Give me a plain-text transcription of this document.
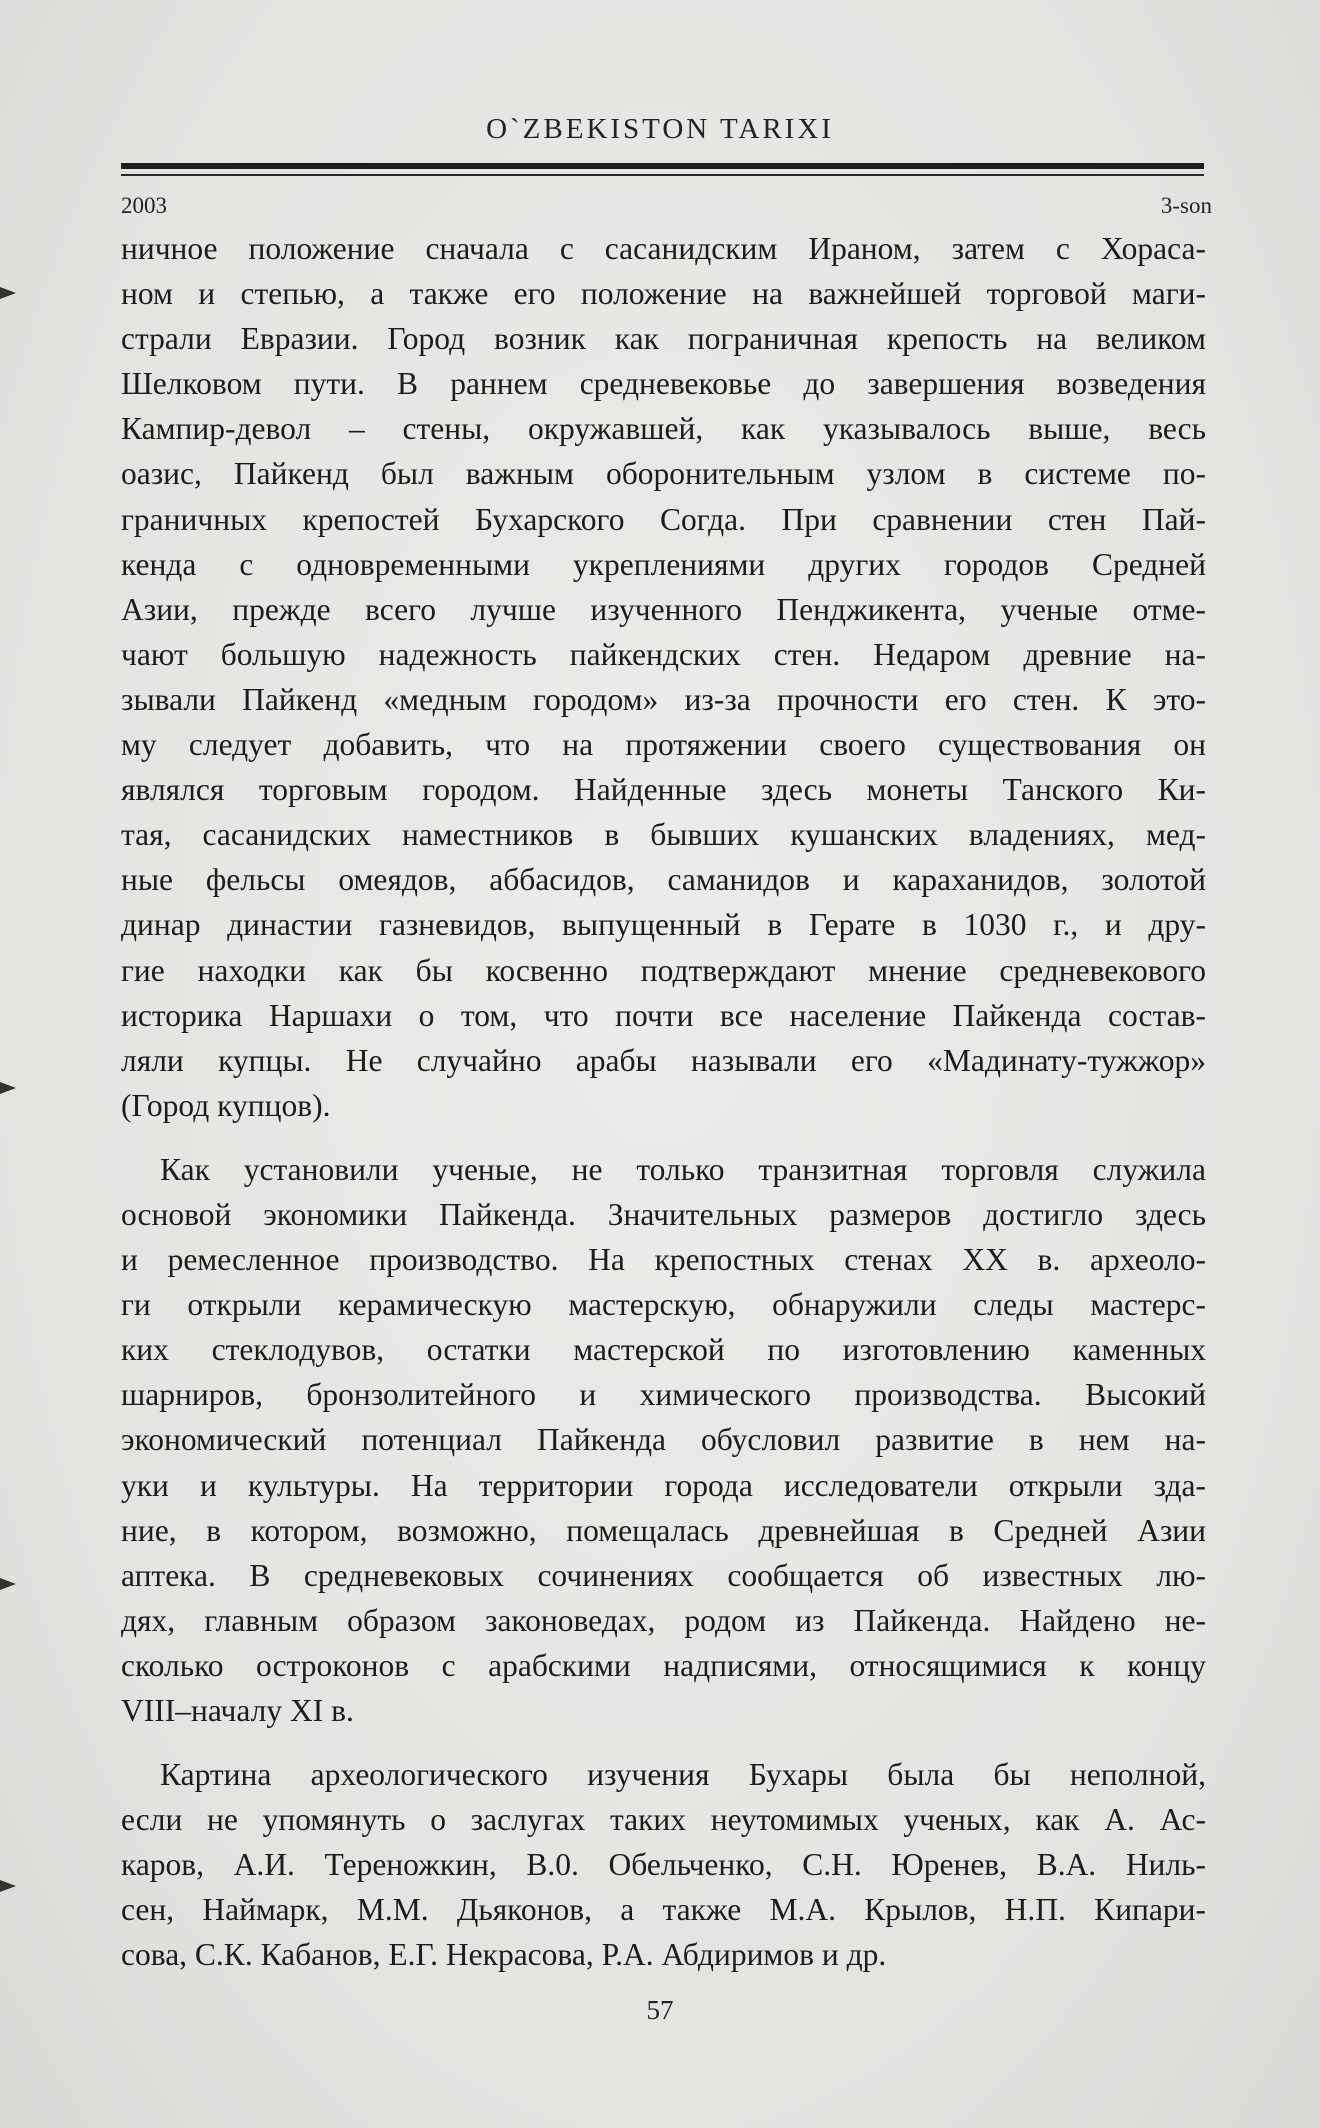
O`ZBEKISTON TARIXI
2003	3-son
ничное положение сначала с сасанидским Ираном, затем с Хораса-
ном и степью, а также его положение на важнейшей торговой маги-
страли Евразии. Город возник как пограничная крепость на великом
Шелковом пути. В раннем средневековье до завершения возведения
Кампир-девол – стены, окружавшей, как указывалось выше, весь
оазис, Пайкенд был важным оборонительным узлом в системе по-
граничных крепостей Бухарского Согда. При сравнении стен Пай-
кенда с одновременными укреплениями других городов Средней
Азии, прежде всего лучше изученного Пенджикента, ученые отме-
чают большую надежность пайкендских стен. Недаром древние на-
зывали Пайкенд «медным городом» из-за прочности его стен. К это-
му следует добавить, что на протяжении своего существования он
являлся торговым городом. Найденные здесь монеты Танского Ки-
тая, сасанидских наместников в бывших кушанских владениях, мед-
ные фельсы омеядов, аббасидов, саманидов и караханидов, золотой
динар династии газневидов, выпущенный в Герате в 1030 г., и дру-
гие находки как бы косвенно подтверждают мнение средневекового
историка Наршахи о том, что почти все население Пайкенда состав-
ляли купцы. Не случайно арабы называли его «Мадинату-тужжор»
(Город купцов).
Как установили ученые, не только транзитная торговля служила
основой экономики Пайкенда. Значительных размеров достигло здесь
и ремесленное производство. На крепостных стенах XX в. археоло-
ги открыли керамическую мастерскую, обнаружили следы мастерс-
ких стеклодувов, остатки мастерской по изготовлению каменных
шарниров, бронзолитейного и химического производства. Высокий
экономический потенциал Пайкенда обусловил развитие в нем на-
уки и культуры. На территории города исследователи открыли зда-
ние, в котором, возможно, помещалась древнейшая в Средней Азии
аптека. В средневековых сочинениях сообщается об известных лю-
дях, главным образом законоведах, родом из Пайкенда. Найдено не-
сколько остроконов с арабскими надписями, относящимися к концу
VIII–началу XI в.
Картина археологического изучения Бухары была бы неполной,
если не упомянуть о заслугах таких неутомимых ученых, как А. Ас-
каров, А.И. Тереножкин, В.0. Обельченко, С.Н. Юренев, В.А. Ниль-
сен, Наймарк, М.М. Дьяконов, а также М.А. Крылов, Н.П. Кипари-
сова, С.К. Кабанов, Е.Г. Некрасова, Р.А. Абдиримов и др.
57
